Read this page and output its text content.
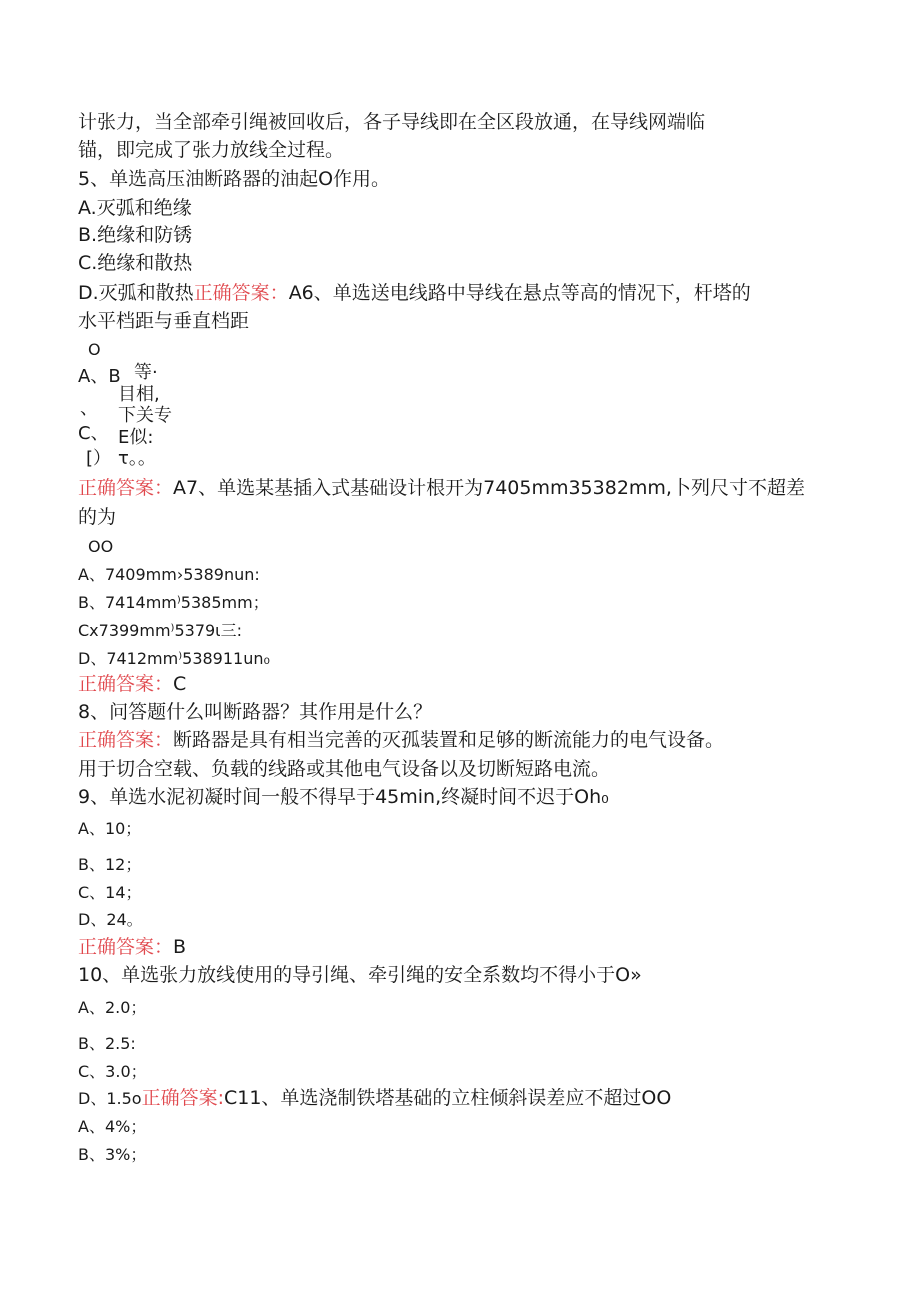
计张力，当全部牵引绳被回收后，各子导线即在全区段放通，在导线网端临
锚，即完成了张力放线全过程。
5、单选高压油断路器的油起O作用。
A.灭弧和绝缘
B.绝缘和防锈
C.绝缘和散热
D.灭弧和散热正确答案：A6、单选送电线路中导线在悬点等高的情况下，杆塔的
水平档距与垂直档距
O
A、B 等·
目相,
、 下关专
C、 E似:
[） τ。。
正确答案：A7、单选某基插入式基础设计根开为7405mm35382mm,卜列尺寸不超差
的为
OO
A、7409mm›5389nun:
B、7414mm⁾5385mm；
Cx7399mm⁾5379ι三:
D、7412mm⁾538911un₀
正确答案：C
8、问答题什么叫断路器？其作用是什么？
正确答案：断路器是具有相当完善的灭孤装置和足够的断流能力的电气设备。
用于切合空载、负载的线路或其他电气设备以及切断短路电流。
9、单选水泥初凝时间一般不得早于45min,终凝时间不迟于Oh₀
A、10；
B、12；
C、14；
D、24。
正确答案：B
10、单选张力放线使用的导引绳、牵引绳的安全系数均不得小于O»
A、2.0；
B、2.5:
C、3.0；
D、1.5o正确答案:C11、单选浇制铁塔基础的立柱倾斜误差应不超过OO
A、4%；
B、3%；
